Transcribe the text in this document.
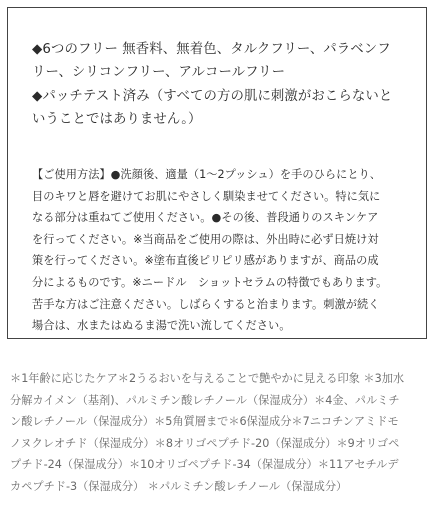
◆6つのフリー 無香料、無着色、タルクフリー、パラベンフ

リー、シリコンフリー、アルコールフリー

◆パッチテスト済み（すべての方の肌に刺激がおこらないと

いうことではありません。）

【ご使用方法】●洗顔後、適量（1～2プッシュ）を手のひらにとり、

目のキワと唇を避けてお肌にやさしく馴染ませてください。特に気に

なる部分は重ねてご使用ください。●その後、普段通りのスキンケア

を行ってください。※当商品をご使用の際は、外出時に必ず日焼け対

策を行ってください。※塗布直後ピリピリ感がありますが、商品の成

分によるものです。※ニードル　ショットセラムの特徴でもあります。

苦手な方はご注意ください。しばらくすると治まります。刺激が続く

場合は、水またはぬるま湯で洗い流してください。

＊1年齢に応じたケア＊2うるおいを与えることで艶やかに見える印象 ＊3加水

分解カイメン（基剤)、パルミチン酸レチノール（保湿成分）＊4金、パルミチ

ン酸レチノール（保湿成分）＊5角質層まで＊6保湿成分＊7ニコチンアミドモ

ノヌクレオチド（保湿成分）＊8オリゴペプチド-20（保湿成分）＊9オリゴペ

プチド-24（保湿成分）＊10オリゴペプチド-34（保湿成分）＊11アセチルデ

カペプチド-3（保湿成分） ＊パルミチン酸レチノール（保湿成分）
